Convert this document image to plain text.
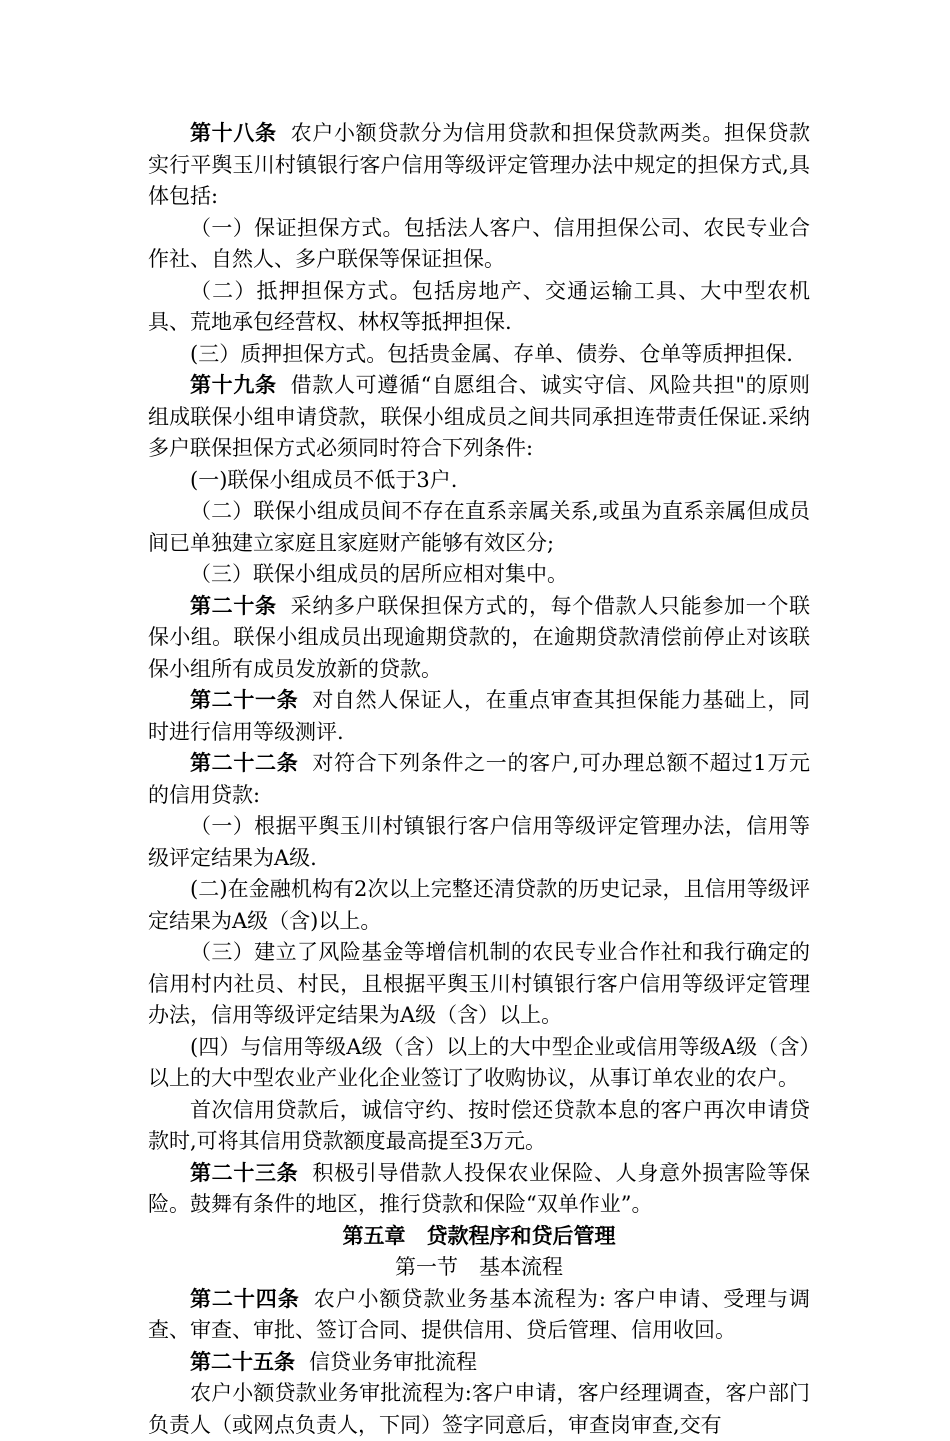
第十八条 农户小额贷款分为信用贷款和担保贷款两类。担保贷款实行平舆玉川村镇银行客户信用等级评定管理办法中规定的担保方式,具体包括:

（一）保证担保方式。包括法人客户、信用担保公司、农民专业合作社、自然人、多户联保等保证担保。

（二）抵押担保方式。包括房地产、交通运输工具、大中型农机具、荒地承包经营权、林权等抵押担保.

(三）质押担保方式。包括贵金属、存单、债券、仓单等质押担保.

第十九条 借款人可遵循“自愿组合、诚实守信、风险共担"的原则组成联保小组申请贷款，联保小组成员之间共同承担连带责任保证.采纳多户联保担保方式必须同时符合下列条件:

(一)联保小组成员不低于3户.

（二）联保小组成员间不存在直系亲属关系,或虽为直系亲属但成员间已单独建立家庭且家庭财产能够有效区分;

（三）联保小组成员的居所应相对集中。

第二十条 采纳多户联保担保方式的，每个借款人只能参加一个联保小组。联保小组成员出现逾期贷款的，在逾期贷款清偿前停止对该联保小组所有成员发放新的贷款。

第二十一条 对自然人保证人，在重点审查其担保能力基础上，同时进行信用等级测评.

第二十二条 对符合下列条件之一的客户,可办理总额不超过1万元的信用贷款:

（一）根据平舆玉川村镇银行客户信用等级评定管理办法，信用等级评定结果为A级.

(二)在金融机构有2次以上完整还清贷款的历史记录，且信用等级评定结果为A级（含)以上。

（三）建立了风险基金等增信机制的农民专业合作社和我行确定的信用村内社员、村民，且根据平舆玉川村镇银行客户信用等级评定管理办法，信用等级评定结果为A级（含）以上。

(四）与信用等级A级（含）以上的大中型企业或信用等级A级（含）以上的大中型农业产业化企业签订了收购协议，从事订单农业的农户。

首次信用贷款后，诚信守约、按时偿还贷款本息的客户再次申请贷款时,可将其信用贷款额度最高提至3万元。

第二十三条 积极引导借款人投保农业保险、人身意外损害险等保险。鼓舞有条件的地区，推行贷款和保险“双单作业”。

第五章　贷款程序和贷后管理

第一节　基本流程

第二十四条 农户小额贷款业务基本流程为: 客户申请、受理与调查、审查、审批、签订合同、提供信用、贷后管理、信用收回。

第二十五条 信贷业务审批流程

农户小额贷款业务审批流程为:客户申请，客户经理调查，客户部门负责人（或网点负责人，下同）签字同意后，审查岗审查,交有
